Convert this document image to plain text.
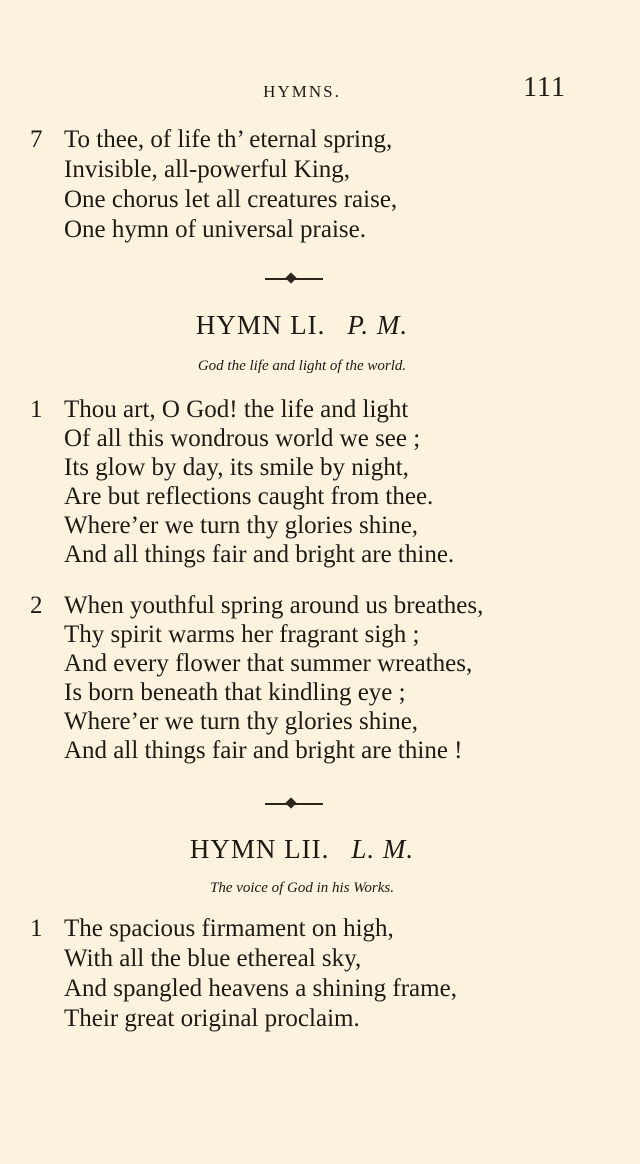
HYMNS.	111
7 To thee, of life th’ eternal spring,
Invisible, all-powerful King,
One chorus let all creatures raise,
One hymn of universal praise.
HYMN LI. P. M.
God the life and light of the world.
1 Thou art, O God! the life and light
Of all this wondrous world we see ;
Its glow by day, its smile by night,
Are but reflections caught from thee.
Where’er we turn thy glories shine,
And all things fair and bright are thine.
2 When youthful spring around us breathes,
Thy spirit warms her fragrant sigh ;
And every flower that summer wreathes,
Is born beneath that kindling eye ;
Where’er we turn thy glories shine,
And all things fair and bright are thine !
HYMN LII. L. M.
The voice of God in his Works.
1 The spacious firmament on high,
With all the blue ethereal sky,
And spangled heavens a shining frame,
Their great original proclaim.
